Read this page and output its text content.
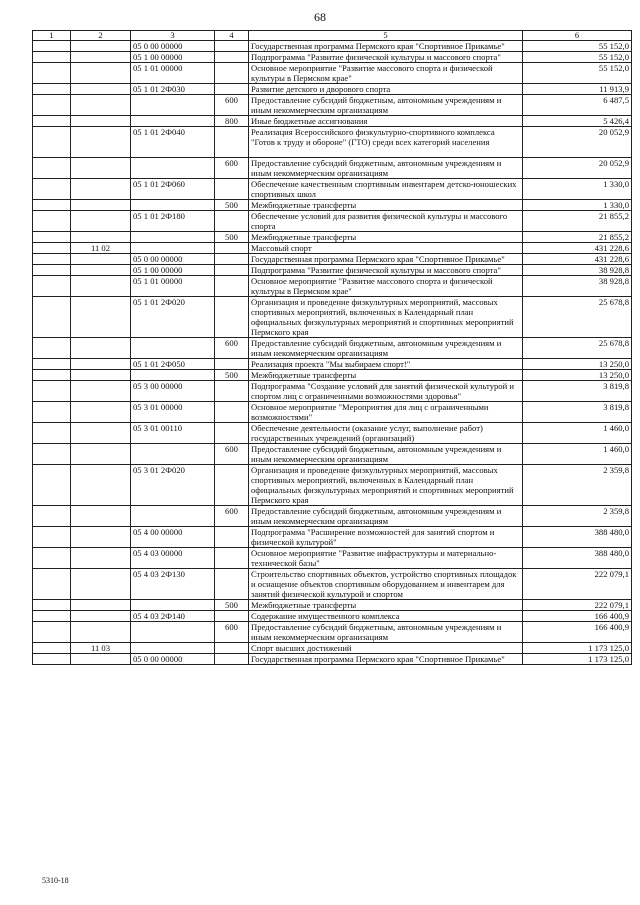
68
1	2	3	4	5	6
		05 0 00 00000		Государственная программа Пермского края "Спортивное Прикамье"	55 152,0
		05 1 00 00000		Подпрограмма "Развитие физической культуры и массового спорта"	55 152,0
		05 1 01 00000		Основное мероприятие "Развитие массового спорта и физической культуры в Пермском крае"	55 152,0
		05 1 01 2Ф030		Развитие детского и дворового спорта	11 913,9
			600	Предоставление субсидий бюджетным, автономным учреждениям и иным некоммерческим организациям	6 487,5
			800	Иные бюджетные ассигнования	5 426,4
		05 1 01 2Ф040		Реализация Всероссийского физкультурно-спортивного комплекса "Готов к труду и обороне" (ГТО) среди всех категорий населения	20 052,9
			600	Предоставление субсидий бюджетным, автономным учреждениям и иным некоммерческим организациям	20 052,9
		05 1 01 2Ф060		Обеспечение качественным спортивным инвентарем детско-юношеских спортивных школ	1 330,0
			500	Межбюджетные трансферты	1 330,0
		05 1 01 2Ф180		Обеспечение условий для развития физической культуры и массового спорта	21 855,2
			500	Межбюджетные трансферты	21 855,2
	11 02			Массовый спорт	431 228,6
		05 0 00 00000		Государственная программа Пермского края "Спортивное Прикамье"	431 228,6
		05 1 00 00000		Подпрограмма "Развитие физической культуры и массового спорта"	38 928,8
		05 1 01 00000		Основное мероприятие "Развитие массового спорта и физической культуры в Пермском крае"	38 928,8
		05 1 01 2Ф020		Организация и проведение физкультурных мероприятий, массовых спортивных мероприятий, включенных в Календарный план официальных физкультурных мероприятий и спортивных мероприятий Пермского края	25 678,8
			600	Предоставление субсидий бюджетным, автономным учреждениям и иным некоммерческим организациям	25 678,8
		05 1 01 2Ф050		Реализация проекта "Мы выбираем спорт!"	13 250,0
			500	Межбюджетные трансферты	13 250,0
		05 3 00 00000		Подпрограмма "Создание условий для занятий физической культурой и спортом лиц с ограниченными возможностями здоровья"	3 819,8
		05 3 01 00000		Основное мероприятие "Мероприятия для лиц с ограниченными возможностями"	3 819,8
		05 3 01 00110		Обеспечение деятельности (оказание услуг, выполнение работ) государственных учреждений (организаций)	1 460,0
			600	Предоставление субсидий бюджетным, автономным учреждениям и иным некоммерческим организациям	1 460,0
		05 3 01 2Ф020		Организация и проведение физкультурных мероприятий, массовых спортивных мероприятий, включенных в Календарный план официальных физкультурных мероприятий и спортивных мероприятий Пермского края	2 359,8
			600	Предоставление субсидий бюджетным, автономным учреждениям и иным некоммерческим организациям	2 359,8
		05 4 00 00000		Подпрограмма "Расширение возможностей для занятий спортом и физической культурой"	388 480,0
		05 4 03 00000		Основное мероприятие "Развитие инфраструктуры и материально-технической базы"	388 480,0
		05 4 03 2Ф130		Строительство спортивных объектов, устройство спортивных площадок и оснащение объектов спортивным оборудованием и инвентарем для занятий физической культурой и спортом	222 079,1
			500	Межбюджетные трансферты	222 079,1
		05 4 03 2Ф140		Содержание имущественного комплекса	166 400,9
			600	Предоставление субсидий бюджетным, автономным учреждениям и иным некоммерческим организациям	166 400,9
	11 03			Спорт высших достижений	1 173 125,0
		05 0 00 00000		Государственная программа Пермского края "Спортивное Прикамье"	1 173 125,0
5310-18
